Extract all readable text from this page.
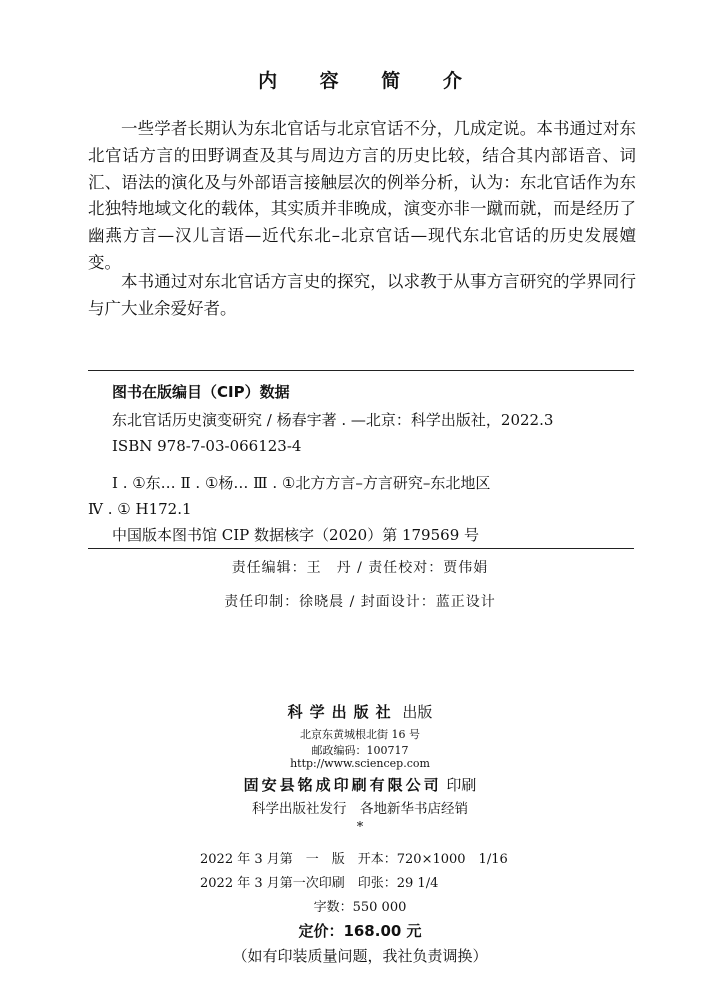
内 容 简 介
一些学者长期认为东北官话与北京官话不分，几成定说。本书通过对东北官话方言的田野调查及其与周边方言的历史比较，结合其内部语音、词汇、语法的演化及与外部语言接触层次的例举分析，认为：东北官话作为东北独特地域文化的载体，其实质并非晚成，演变亦非一蹴而就，而是经历了幽燕方言—汉儿言语—近代东北–北京官话—现代东北官话的历史发展嬗变。
本书通过对东北官话方言史的探究，以求教于从事方言研究的学界同行与广大业余爱好者。
图书在版编目（CIP）数据
东北官话历史演变研究 / 杨春宇著 . —北京：科学出版社，2022.3
ISBN 978-7-03-066123-4
Ⅰ . ①东… Ⅱ . ①杨… Ⅲ . ①北方方言–方言研究–东北地区
Ⅳ . ① H172.1
中国版本图书馆 CIP 数据核字（2020）第 179569 号
责任编辑：王　丹 / 责任校对：贾伟娟
责任印制：徐晓晨 / 封面设计：蓝正设计
科学出版社 出版
北京东黄城根北街 16 号
邮政编码：100717
http://www.sciencep.com
固安县铭成印刷有限公司 印刷
科学出版社发行　各地新华书店经销
*
2022 年 3 月第　一　版　开本：720×1000　1/16
2022 年 3 月第一次印刷　印张：29 1/4
字数：550 000
定价：168.00 元
（如有印装质量问题，我社负责调换）
